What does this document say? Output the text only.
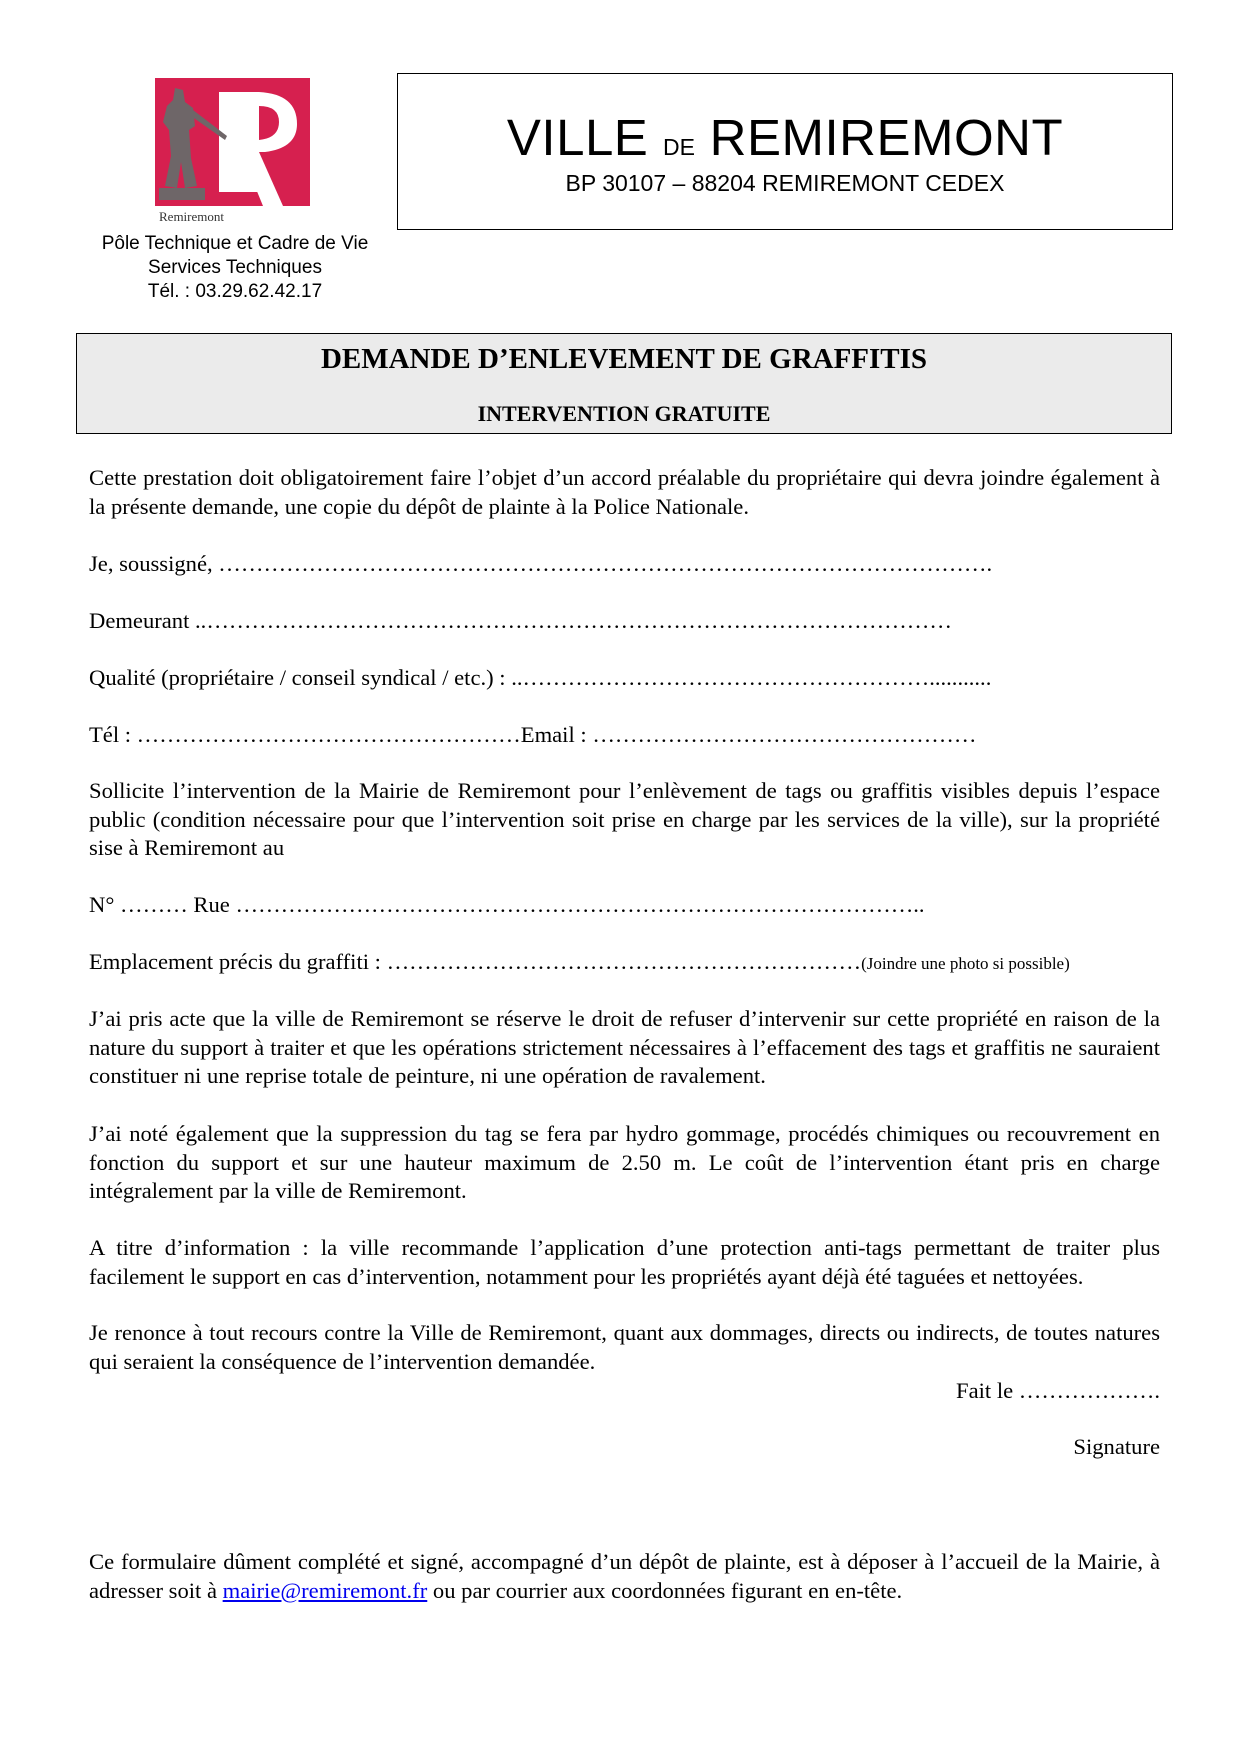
Remiremont
Pôle Technique et Cadre de Vie
Services Techniques
Tél. : 03.29.62.42.17
VILLE DE REMIREMONT
BP 30107 – 88204 REMIREMONT CEDEX
DEMANDE D’ENLEVEMENT DE GRAFFITIS
INTERVENTION GRATUITE
Cette prestation doit obligatoirement faire l’objet d’un accord préalable du propriétaire qui devra joindre également à la présente demande, une copie du dépôt de plainte à la Police Nationale.
Je, soussigné, ………………………………………………………………………………………….
Demeurant ..………………………………………………………………………………………
Qualité (propriétaire / conseil syndical / etc.) : ..………………………………………………...........
Tél : ……………………………………………Email : ……………………………………………
Sollicite l’intervention de la Mairie de Remiremont pour l’enlèvement de tags ou graffitis visibles depuis l’espace public (condition nécessaire pour que l’intervention soit prise en charge par les services de la ville), sur la propriété sise à Remiremont au
N° ……… Rue ………………………………………………………………………………..
Emplacement précis du graffiti : ………………………………………………………(Joindre une photo si possible)
J’ai pris acte que la ville de Remiremont se réserve le droit de refuser d’intervenir sur cette propriété en raison de la nature du support à traiter et que les opérations strictement nécessaires à l’effacement des tags et graffitis ne sauraient constituer ni une reprise totale de peinture, ni une opération de ravalement.
J’ai noté également que la suppression du tag se fera par hydro gommage, procédés chimiques ou recouvrement en fonction du support et sur une hauteur maximum de 2.50 m. Le coût de l’intervention étant pris en charge intégralement par la ville de Remiremont.
A titre d’information : la ville recommande l’application d’une protection anti-tags permettant de traiter plus facilement le support en cas d’intervention, notamment pour les propriétés ayant déjà été taguées et nettoyées.
Je renonce à tout recours contre la Ville de Remiremont, quant aux dommages, directs ou indirects, de toutes natures qui seraient la conséquence de l’intervention demandée.
Fait le ……………….
Signature
Ce formulaire dûment complété et signé, accompagné d’un dépôt de plainte, est à déposer à l’accueil de la Mairie, à adresser soit à mairie@remiremont.fr ou par courrier aux coordonnées figurant en en-tête.
